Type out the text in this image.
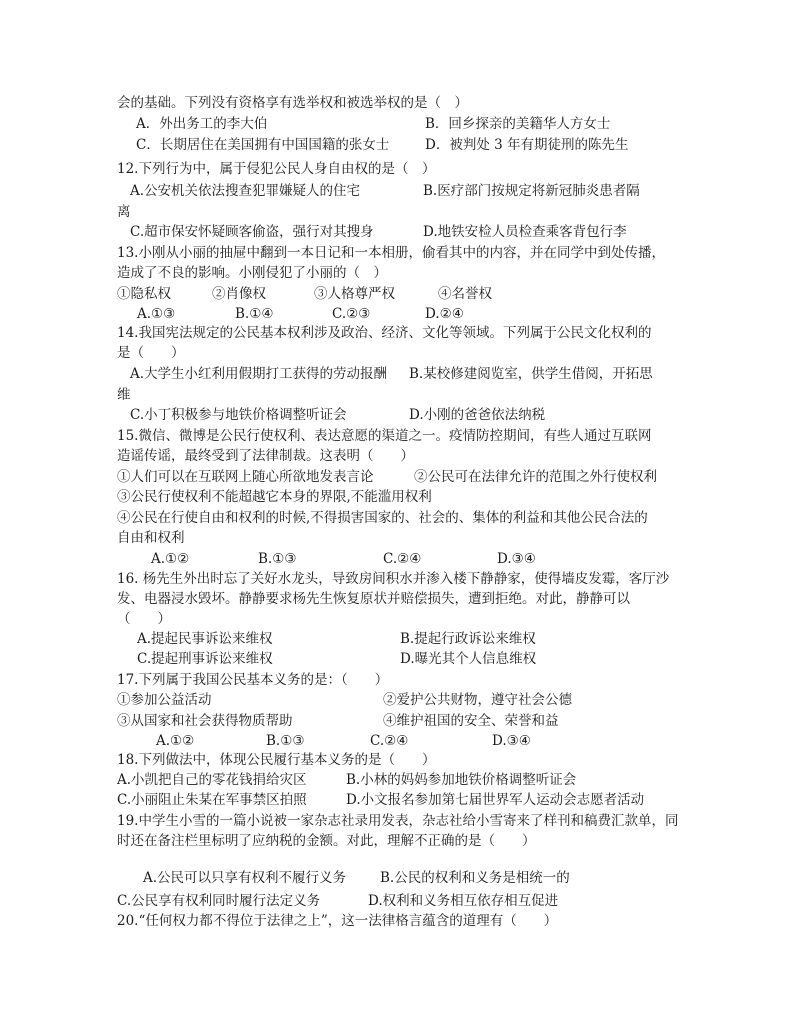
会的基础。下列没有资格享有选举权和被选举权的是（　）
A．外出务工的李大伯	B．回乡探亲的美籍华人方女士
C．长期居住在美国拥有中国国籍的张女士	D．被判处 3 年有期徒刑的陈先生
12.下列行为中，属于侵犯公民人身自由权的是（　）
A.公安机关依法搜查犯罪嫌疑人的住宅	B.医疗部门按规定将新冠肺炎患者隔
离
C.超市保安怀疑顾客偷盗，强行对其搜身	D.地铁安检人员检查乘客背包行李
13.小刚从小丽的抽屉中翻到一本日记和一本相册，偷看其中的内容，并在同学中到处传播，
造成了不良的影响。小刚侵犯了小丽的（　）
①隐私权	②肖像权	③人格尊严权	④名誉权
A.①③	B.①④	C.②③	D.②④
14.我国宪法规定的公民基本权利涉及政治、经济、文化等领域。下列属于公民文化权利的
是（　　）
A.大学生小红利用假期打工获得的劳动报酬 B.某校修建阅览室，供学生借阅，开拓思
维
C.小丁积极参与地铁价格调整听证会	D.小刚的爸爸依法纳税
15.微信、微博是公民行使权利、表达意愿的渠道之一。疫情防控期间，有些人通过互联网
造谣传谣，最终受到了法律制裁。这表明（　　）
①人们可以在互联网上随心所欲地发表言论	②公民可在法律允许的范围之外行使权利
③公民行使权利不能超越它本身的界限,不能滥用权利
④公民在行使自由和权利的时候,不得损害国家的、社会的、集体的利益和其他公民合法的
自由和权利
A.①②	B.①③	C.②④	D.③④
16. 杨先生外出时忘了关好水龙头，导致房间积水并渗入楼下静静家，使得墙皮发霉，客厅沙
发、电器浸水毁坏。静静要求杨先生恢复原状并赔偿损失，遭到拒绝。对此，静静可以
（　　）
A.提起民事诉讼来维权	B.提起行政诉讼来维权
C.提起刑事诉讼来维权	D.曝光其个人信息维权
17.下列属于我国公民基本义务的是：（　　）
①参加公益活动	②爱护公共财物，遵守社会公德
③从国家和社会获得物质帮助	④维护祖国的安全、荣誉和益
A.①②	B.①③	C.②④	D.③④
18.下列做法中，体现公民履行基本义务的是（　　）
A.小凯把自己的零花钱捐给灾区	B.小林的妈妈参加地铁价格调整听证会
C.小丽阻止朱某在军事禁区拍照	D.小文报名参加第七届世界军人运动会志愿者活动
19.中学生小雪的一篇小说被一家杂志社录用发表，杂志社给小雪寄来了样刊和稿费汇款单，同
时还在备注栏里标明了应纳税的金额。对此，理解不正确的是（　　）
A.公民可以只享有权利不履行义务	B.公民的权利和义务是相统一的
C.公民享有权利同时履行法定义务	D.权利和义务相互依存相互促进
20.“任何权力都不得位于法律之上”，这一法律格言蕴含的道理有（　　）
